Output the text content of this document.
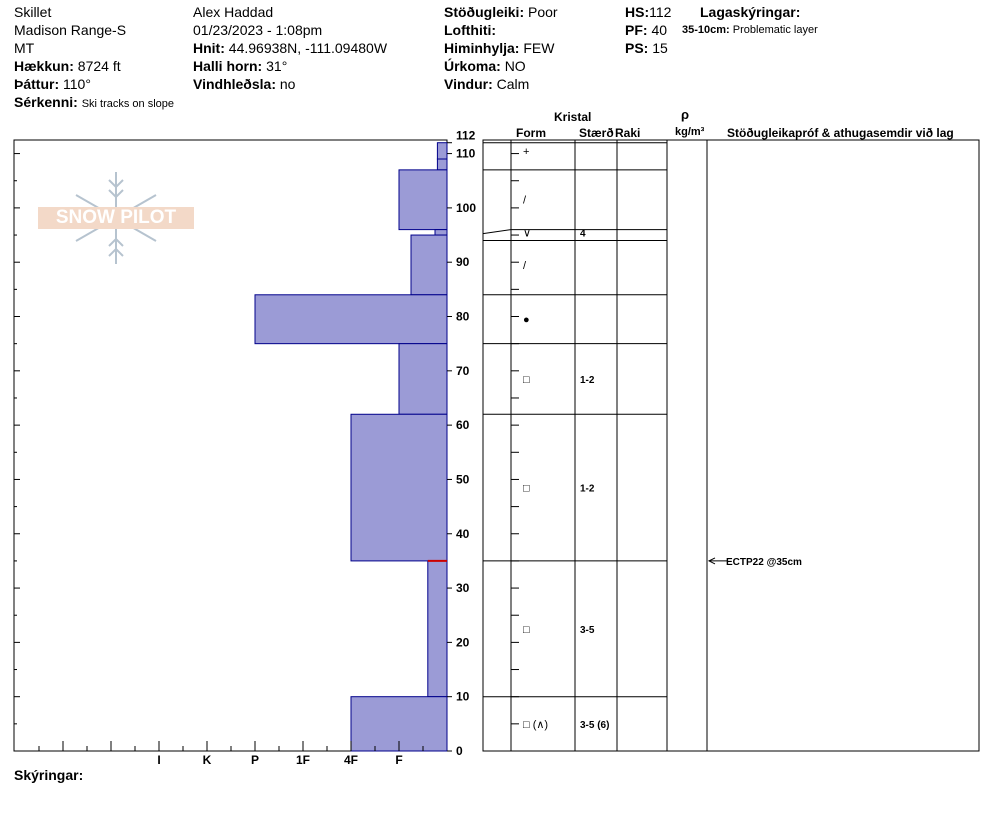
Skillet
Madison Range-S
MT
Hækkun: 8724 ft
Þáttur: 110°
Sérkenni: Ski tracks on slope
Alex Haddad
01/23/2023 - 1:08pm
Hnit: 44.96938N, -111.09480W
Halli horn: 31°
Vindhleðsla: no
Stöðugleiki: Poor
Lofthiti:
Himinhylja: FEW
Úrkoma: NO
Vindur: Calm
HS:112
PF: 40
PS: 15
Lagaskýringar:
35-10cm: Problematic layer
Kristal
Form	Stærð Raki
ρ
kg/m³ Stöðugleikapróf & athugasemdir við lag
SNOW PILOT
I	K	P	1F	4F	F
0
10
20
30
40
50
60
70
80
90
100
110
112
+
/
∨	4
/
●
□	1-2
□	1-2
□	3-5
□ (∧)	3-5 (6)
ECTP22 @35cm
Skýringar:
